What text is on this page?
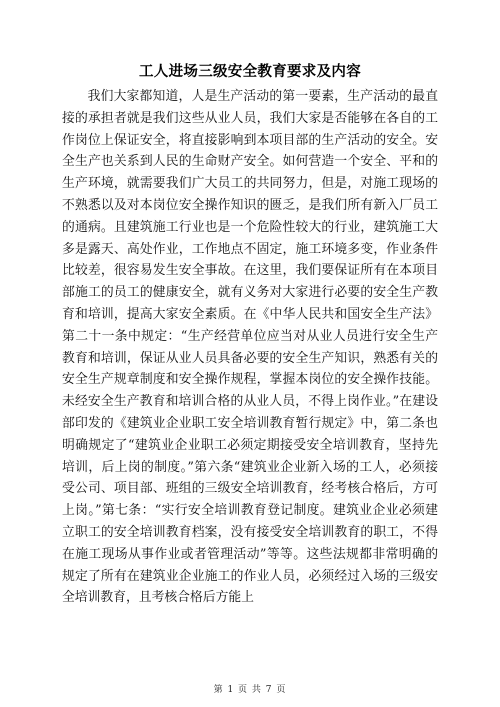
工人进场三级安全教育要求及内容

我们大家都知道，人是生产活动的第一要素，生产活动的最直接的承担者就是我们这些从业人员，我们大家是否能够在各自的工作岗位上保证安全，将直接影响到本项目部的生产活动的安全。安全生产也关系到人民的生命财产安全。如何营造一个安全、平和的生产环境，就需要我们广大员工的共同努力，但是，对施工现场的不熟悉以及对本岗位安全操作知识的匮乏，是我们所有新入厂员工的通病。且建筑施工行业也是一个危险性较大的行业，建筑施工大多是露天、高处作业，工作地点不固定，施工环境多变，作业条件比较差，很容易发生安全事故。在这里，我们要保证所有在本项目部施工的员工的健康安全，就有义务对大家进行必要的安全生产教育和培训，提高大家安全素质。在《中华人民共和国安全生产法》第二十一条中规定：“生产经营单位应当对从业人员进行安全生产教育和培训，保证从业人员具备必要的安全生产知识，熟悉有关的安全生产规章制度和安全操作规程，掌握本岗位的安全操作技能。未经安全生产教育和培训合格的从业人员，不得上岗作业。”在建设部印发的《建筑业企业职工安全培训教育暂行规定》中，第二条也明确规定了“建筑业企业职工必须定期接受安全培训教育，坚持先培训，后上岗的制度。”第六条“建筑业企业新入场的工人，必须接受公司、项目部、班组的三级安全培训教育，经考核合格后，方可上岗。”第七条：“实行安全培训教育登记制度。建筑业企业必须建立职工的安全培训教育档案，没有接受安全培训教育的职工，不得在施工现场从事作业或者管理活动”等等。这些法规都非常明确的规定了所有在建筑业企业施工的作业人员，必须经过入场的三级安全培训教育，且考核合格后方能上

第 1 页 共 7 页
